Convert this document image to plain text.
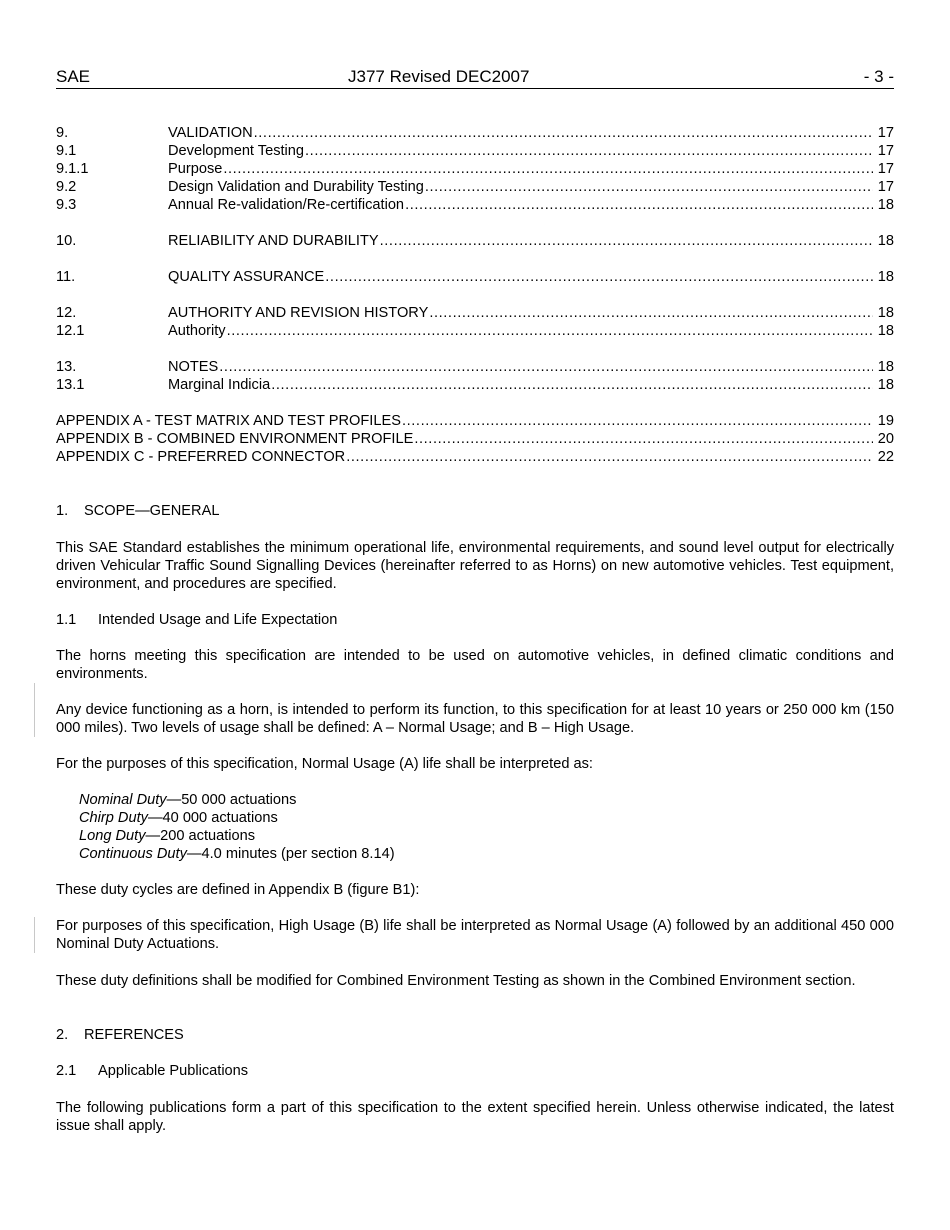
SAE	J377 Revised DEC2007	- 3 -
9.	VALIDATION .....	17
9.1	Development Testing .....	17
9.1.1	Purpose .....	17
9.2	Design Validation and Durability Testing .....	17
9.3	Annual Re-validation/Re-certification .....	18
10.	RELIABILITY AND DURABILITY .....	18
11.	QUALITY ASSURANCE .....	18
12.	AUTHORITY AND REVISION HISTORY .....	18
12.1	Authority .....	18
13.	NOTES .....	18
13.1	Marginal Indicia .....	18
APPENDIX A - TEST MATRIX AND TEST PROFILES .....	19
APPENDIX B - COMBINED ENVIRONMENT PROFILE .....	20
APPENDIX C - PREFERRED CONNECTOR .....	22

1. SCOPE—GENERAL

This SAE Standard establishes the minimum operational life, environmental requirements, and sound level output for electrically driven Vehicular Traffic Sound Signalling Devices (hereinafter referred to as Horns) on new automotive vehicles. Test equipment, environment, and procedures are specified.

1.1 Intended Usage and Life Expectation

The horns meeting this specification are intended to be used on automotive vehicles, in defined climatic conditions and environments.

Any device functioning as a horn, is intended to perform its function, to this specification for at least 10 years or 250 000 km (150 000 miles). Two levels of usage shall be defined: A – Normal Usage; and B – High Usage.

For the purposes of this specification, Normal Usage (A) life shall be interpreted as:

Nominal Duty—50 000 actuations
Chirp Duty—40 000 actuations
Long Duty—200 actuations
Continuous Duty—4.0 minutes (per section 8.14)

These duty cycles are defined in Appendix B (figure B1):

For purposes of this specification, High Usage (B) life shall be interpreted as Normal Usage (A) followed by an additional 450 000 Nominal Duty Actuations.

These duty definitions shall be modified for Combined Environment Testing as shown in the Combined Environment section.

2. REFERENCES

2.1 Applicable Publications

The following publications form a part of this specification to the extent specified herein. Unless otherwise indicated, the latest issue shall apply.
